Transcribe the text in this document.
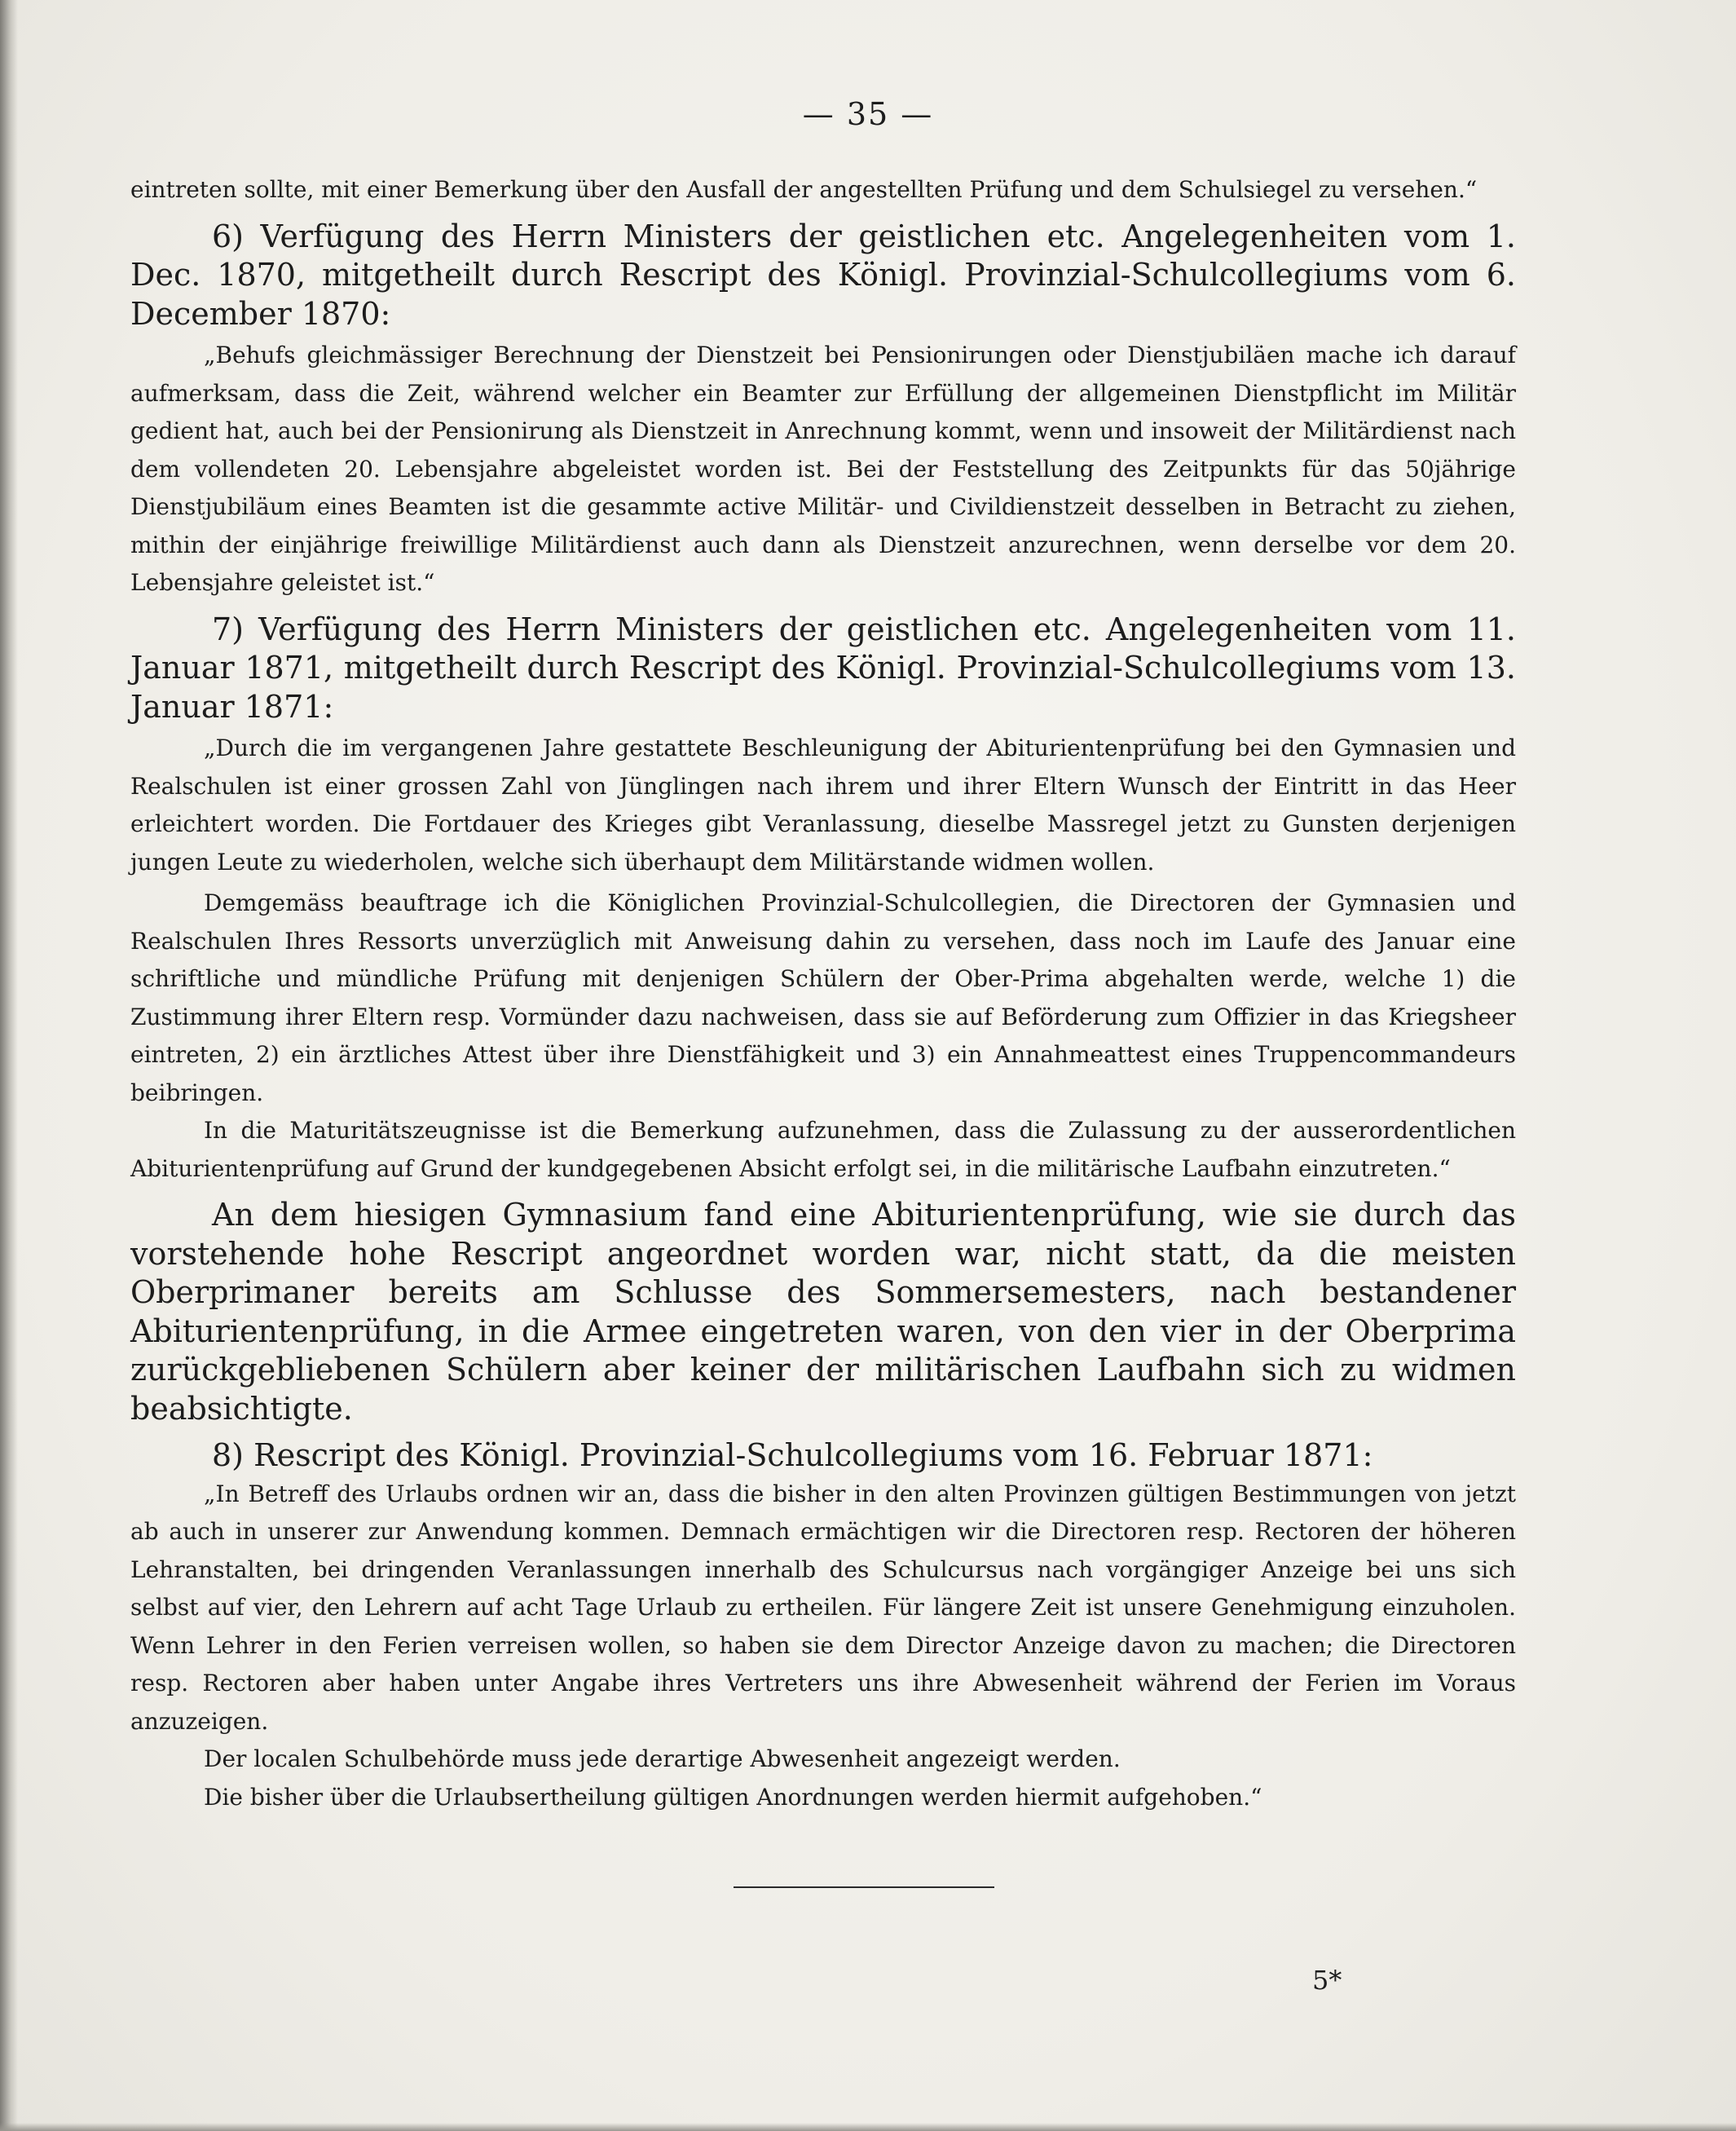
— 35 —

eintreten sollte, mit einer Bemerkung über den Ausfall der angestellten Prüfung und dem Schulsiegel zu versehen.“

6) Verfügung des Herrn Ministers der geistlichen etc. Angelegenheiten vom 1. Dec. 1870, mitgetheilt durch Rescript des Königl. Provinzial-Schulcollegiums vom 6. December 1870:

„Behufs gleichmässiger Berechnung der Dienstzeit bei Pensionirungen oder Dienstjubiläen mache ich darauf aufmerksam, dass die Zeit, während welcher ein Beamter zur Erfüllung der allgemeinen Dienstpflicht im Militär gedient hat, auch bei der Pensionirung als Dienstzeit in Anrechnung kommt, wenn und insoweit der Militärdienst nach dem vollendeten 20. Lebensjahre abgeleistet worden ist. Bei der Feststellung des Zeitpunkts für das 50jährige Dienstjubiläum eines Beamten ist die gesammte active Militär- und Civildienstzeit desselben in Betracht zu ziehen, mithin der einjährige freiwillige Militärdienst auch dann als Dienstzeit anzurechnen, wenn derselbe vor dem 20. Lebensjahre geleistet ist.“

7) Verfügung des Herrn Ministers der geistlichen etc. Angelegenheiten vom 11. Januar 1871, mitgetheilt durch Rescript des Königl. Provinzial-Schulcollegiums vom 13. Januar 1871:

„Durch die im vergangenen Jahre gestattete Beschleunigung der Abiturientenprüfung bei den Gymnasien und Realschulen ist einer grossen Zahl von Jünglingen nach ihrem und ihrer Eltern Wunsch der Eintritt in das Heer erleichtert worden. Die Fortdauer des Krieges gibt Veranlassung, dieselbe Massregel jetzt zu Gunsten derjenigen jungen Leute zu wiederholen, welche sich überhaupt dem Militärstande widmen wollen.

Demgemäss beauftrage ich die Königlichen Provinzial-Schulcollegien, die Directoren der Gymnasien und Realschulen Ihres Ressorts unverzüglich mit Anweisung dahin zu versehen, dass noch im Laufe des Januar eine schriftliche und mündliche Prüfung mit denjenigen Schülern der Ober-Prima abgehalten werde, welche 1) die Zustimmung ihrer Eltern resp. Vormünder dazu nachweisen, dass sie auf Beförderung zum Offizier in das Kriegsheer eintreten, 2) ein ärztliches Attest über ihre Dienstfähigkeit und 3) ein Annahmeattest eines Truppencommandeurs beibringen.

In die Maturitätszeugnisse ist die Bemerkung aufzunehmen, dass die Zulassung zu der ausserordentlichen Abiturientenprüfung auf Grund der kundgegebenen Absicht erfolgt sei, in die militärische Laufbahn einzutreten.“

An dem hiesigen Gymnasium fand eine Abiturientenprüfung, wie sie durch das vorstehende hohe Rescript angeordnet worden war, nicht statt, da die meisten Oberprimaner bereits am Schlusse des Sommersemesters, nach bestandener Abiturientenprüfung, in die Armee eingetreten waren, von den vier in der Oberprima zurückgebliebenen Schülern aber keiner der militärischen Laufbahn sich zu widmen beabsichtigte.

8) Rescript des Königl. Provinzial-Schulcollegiums vom 16. Februar 1871:

„In Betreff des Urlaubs ordnen wir an, dass die bisher in den alten Provinzen gültigen Bestimmungen von jetzt ab auch in unserer zur Anwendung kommen. Demnach ermächtigen wir die Directoren resp. Rectoren der höheren Lehranstalten, bei dringenden Veranlassungen innerhalb des Schulcursus nach vorgängiger Anzeige bei uns sich selbst auf vier, den Lehrern auf acht Tage Urlaub zu ertheilen. Für längere Zeit ist unsere Genehmigung einzuholen. Wenn Lehrer in den Ferien verreisen wollen, so haben sie dem Director Anzeige davon zu machen; die Directoren resp. Rectoren aber haben unter Angabe ihres Vertreters uns ihre Abwesenheit während der Ferien im Voraus anzuzeigen.

Der localen Schulbehörde muss jede derartige Abwesenheit angezeigt werden.

Die bisher über die Urlaubsertheilung gültigen Anordnungen werden hiermit aufgehoben.“

5*
